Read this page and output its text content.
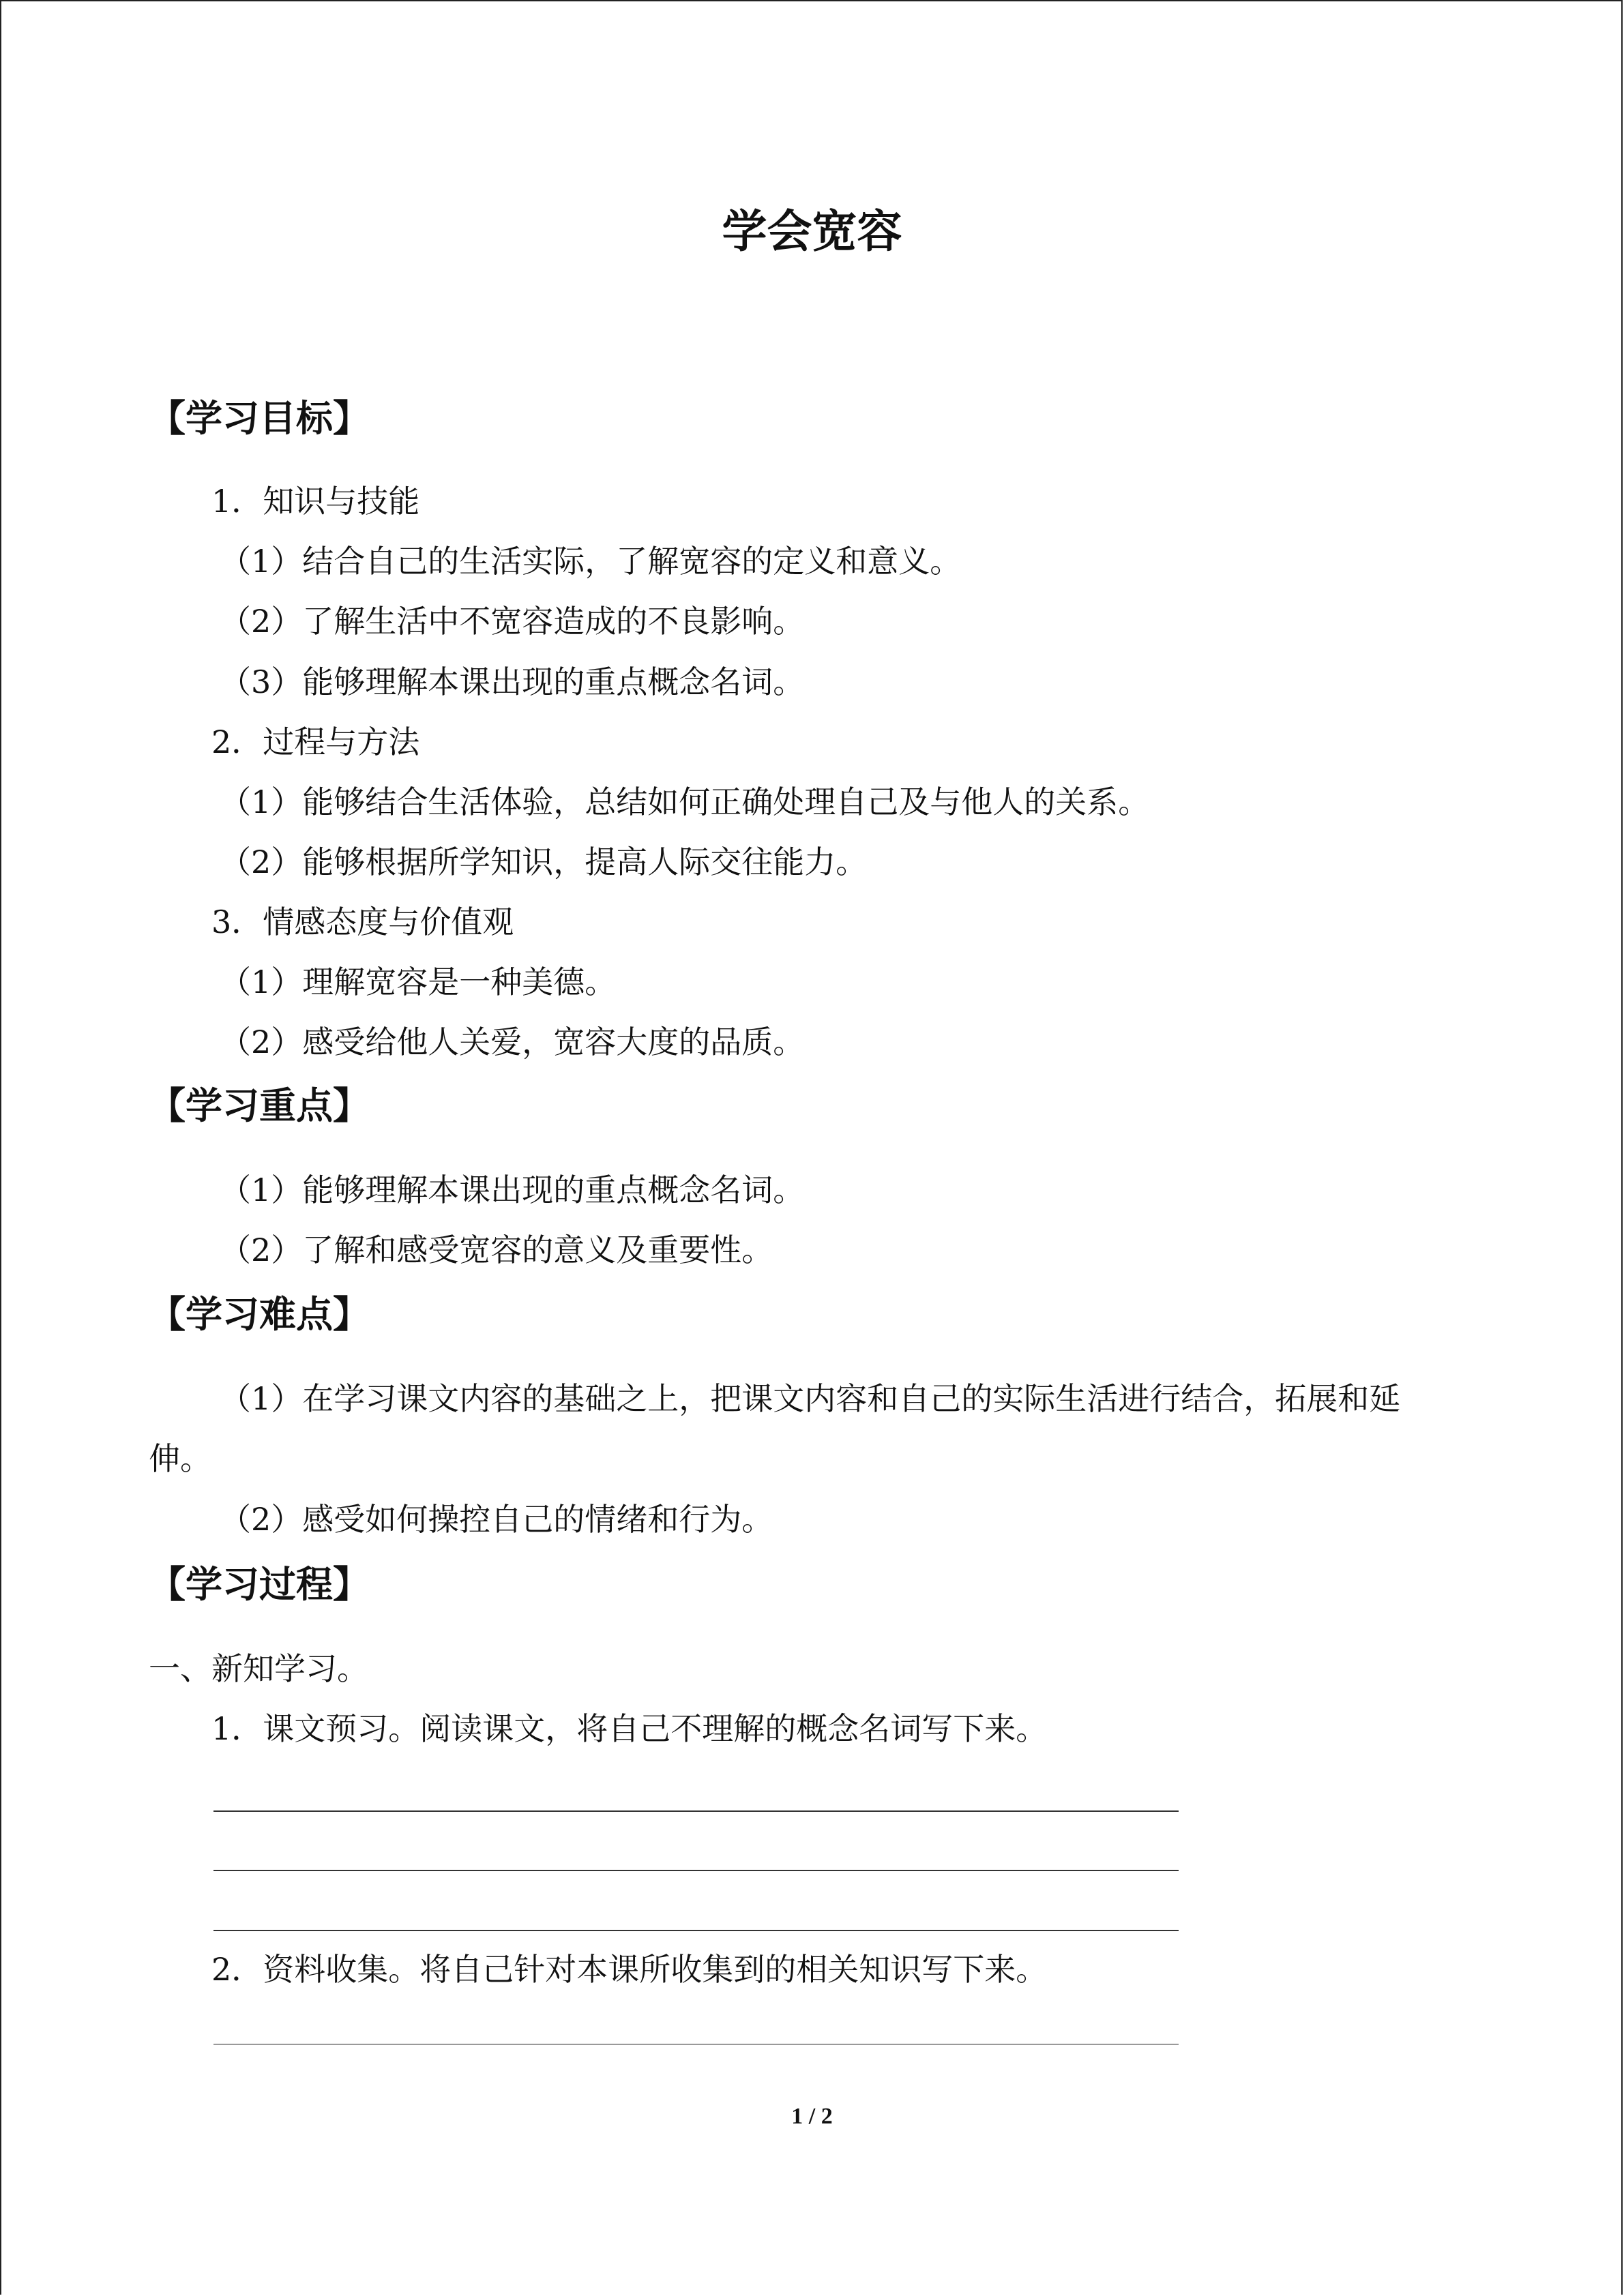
学会宽容
【学习目标】
1．知识与技能
（1）结合自己的生活实际，了解宽容的定义和意义。
（2）了解生活中不宽容造成的不良影响。
（3）能够理解本课出现的重点概念名词。
2．过程与方法
（1）能够结合生活体验，总结如何正确处理自己及与他人的关系。
（2）能够根据所学知识，提高人际交往能力。
3．情感态度与价值观
（1）理解宽容是一种美德。
（2）感受给他人关爱，宽容大度的品质。
【学习重点】
（1）能够理解本课出现的重点概念名词。
（2）了解和感受宽容的意义及重要性。
【学习难点】
（1）在学习课文内容的基础之上，把课文内容和自己的实际生活进行结合，拓展和延
伸。
（2）感受如何操控自己的情绪和行为。
【学习过程】
一、新知学习。
1．课文预习。阅读课文，将自己不理解的概念名词写下来。
2．资料收集。将自己针对本课所收集到的相关知识写下来。
1 / 2
